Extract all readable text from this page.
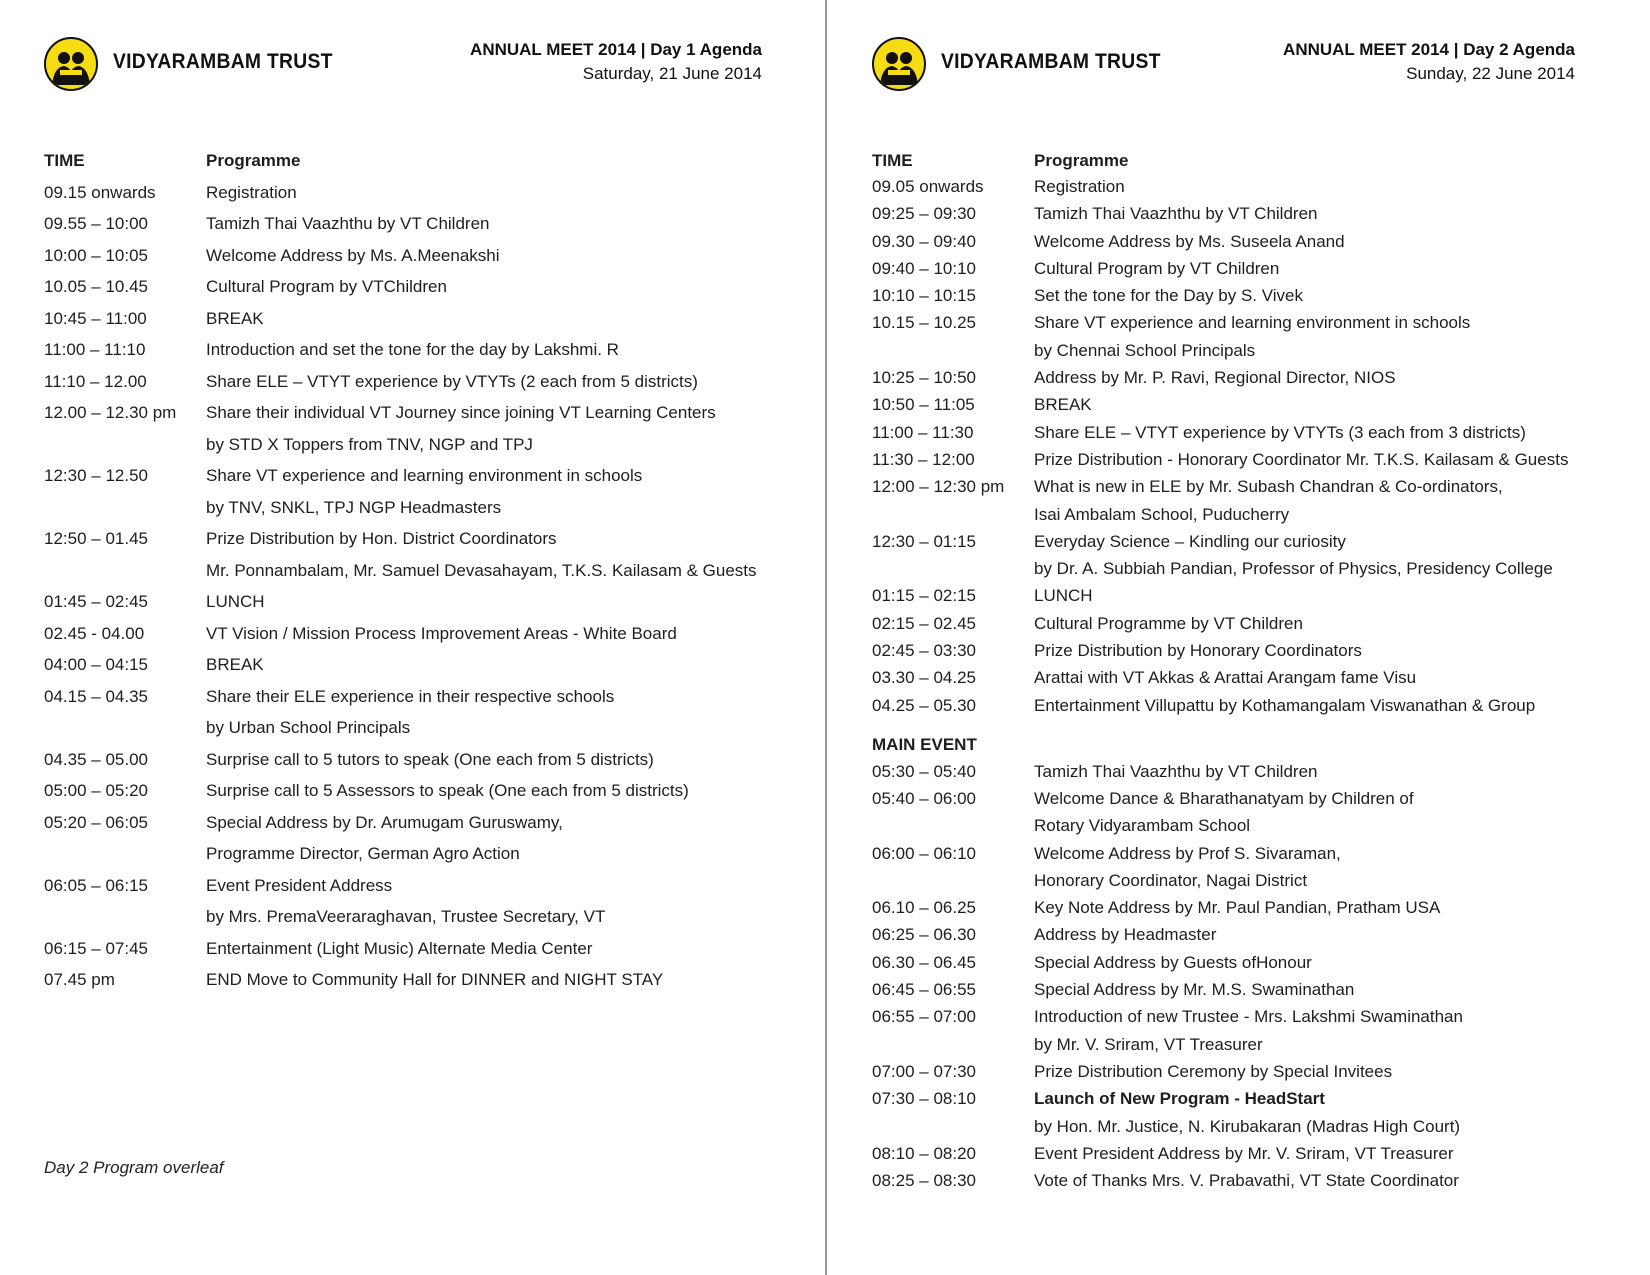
VIDYARAMBAM TRUST
ANNUAL MEET 2014 | Day 1 Agenda
Saturday, 21 June 2014
TIME	Programme
09.15 onwards	Registration
09.55 – 10:00	Tamizh Thai Vaazhthu by VT Children
10:00 – 10:05	Welcome Address by Ms. A.Meenakshi
10.05 – 10.45	Cultural Program by VTChildren
10:45 – 11:00	BREAK
11:00 – 11:10	Introduction and set the tone for the day by Lakshmi. R
11:10 – 12.00	Share ELE – VTYT experience by VTYTs (2 each from 5 districts)
12.00 – 12.30 pm	Share their individual VT Journey since joining VT Learning Centers
by STD X Toppers from TNV, NGP and TPJ
12:30 – 12.50	Share VT experience and learning environment in schools
by TNV, SNKL, TPJ NGP Headmasters
12:50 – 01.45	Prize Distribution by Hon. District Coordinators
Mr. Ponnambalam, Mr. Samuel Devasahayam, T.K.S. Kailasam & Guests
01:45 – 02:45	LUNCH
02.45 - 04.00	VT Vision / Mission Process Improvement Areas - White Board
04:00 – 04:15	BREAK
04.15 – 04.35	Share their ELE experience in their respective schools
by Urban School Principals
04.35 – 05.00	Surprise call to 5 tutors to speak (One each from 5 districts)
05:00 – 05:20	Surprise call to 5 Assessors to speak (One each from 5 districts)
05:20 – 06:05	Special Address by Dr. Arumugam Guruswamy,
Programme Director, German Agro Action
06:05 – 06:15	Event President Address
by Mrs. PremaVeeraraghavan, Trustee Secretary, VT
06:15 – 07:45	Entertainment (Light Music) Alternate Media Center
07.45 pm	END Move to Community Hall for DINNER and NIGHT STAY
Day 2 Program overleaf
VIDYARAMBAM TRUST
ANNUAL MEET 2014 | Day 2 Agenda
Sunday, 22 June 2014
TIME	Programme
09.05 onwards	Registration
09:25 – 09:30	Tamizh Thai Vaazhthu by VT Children
09.30 – 09:40	Welcome Address by Ms. Suseela Anand
09:40 – 10:10	Cultural Program by VT Children
10:10 – 10:15	Set the tone for the Day by S. Vivek
10.15 – 10.25	Share VT experience and learning environment in schools
by Chennai School Principals
10:25 – 10:50	Address by Mr. P. Ravi, Regional Director, NIOS
10:50 – 11:05	BREAK
11:00 – 11:30	Share ELE – VTYT experience by VTYTs (3 each from 3 districts)
11:30 – 12:00	Prize Distribution - Honorary Coordinator Mr. T.K.S. Kailasam & Guests
12:00 – 12:30 pm	What is new in ELE by Mr. Subash Chandran & Co-ordinators,
Isai Ambalam School, Puducherry
12:30 – 01:15	Everyday Science – Kindling our curiosity
by Dr. A. Subbiah Pandian, Professor of Physics, Presidency College
01:15 – 02:15	LUNCH
02:15 – 02.45	Cultural Programme by VT Children
02:45 – 03:30	Prize Distribution by Honorary Coordinators
03.30 – 04.25	Arattai with VT Akkas & Arattai Arangam fame Visu
04.25 – 05.30	Entertainment Villupattu by Kothamangalam Viswanathan & Group
MAIN EVENT
05:30 – 05:40	Tamizh Thai Vaazhthu by VT Children
05:40 – 06:00	Welcome Dance & Bharathanatyam by Children of
Rotary Vidyarambam School
06:00 – 06:10	Welcome Address by Prof S. Sivaraman,
Honorary Coordinator, Nagai District
06.10 – 06.25	Key Note Address by Mr. Paul Pandian, Pratham USA
06:25 – 06.30	Address by Headmaster
06.30 – 06.45	Special Address by Guests ofHonour
06:45 – 06:55	Special Address by Mr. M.S. Swaminathan
06:55 – 07:00	Introduction of new Trustee - Mrs. Lakshmi Swaminathan
by Mr. V. Sriram, VT Treasurer
07:00 – 07:30	Prize Distribution Ceremony by Special Invitees
07:30 – 08:10	Launch of New Program - HeadStart
by Hon. Mr. Justice, N. Kirubakaran (Madras High Court)
08:10 – 08:20	Event President Address by Mr. V. Sriram, VT Treasurer
08:25 – 08:30	Vote of Thanks Mrs. V. Prabavathi, VT State Coordinator
